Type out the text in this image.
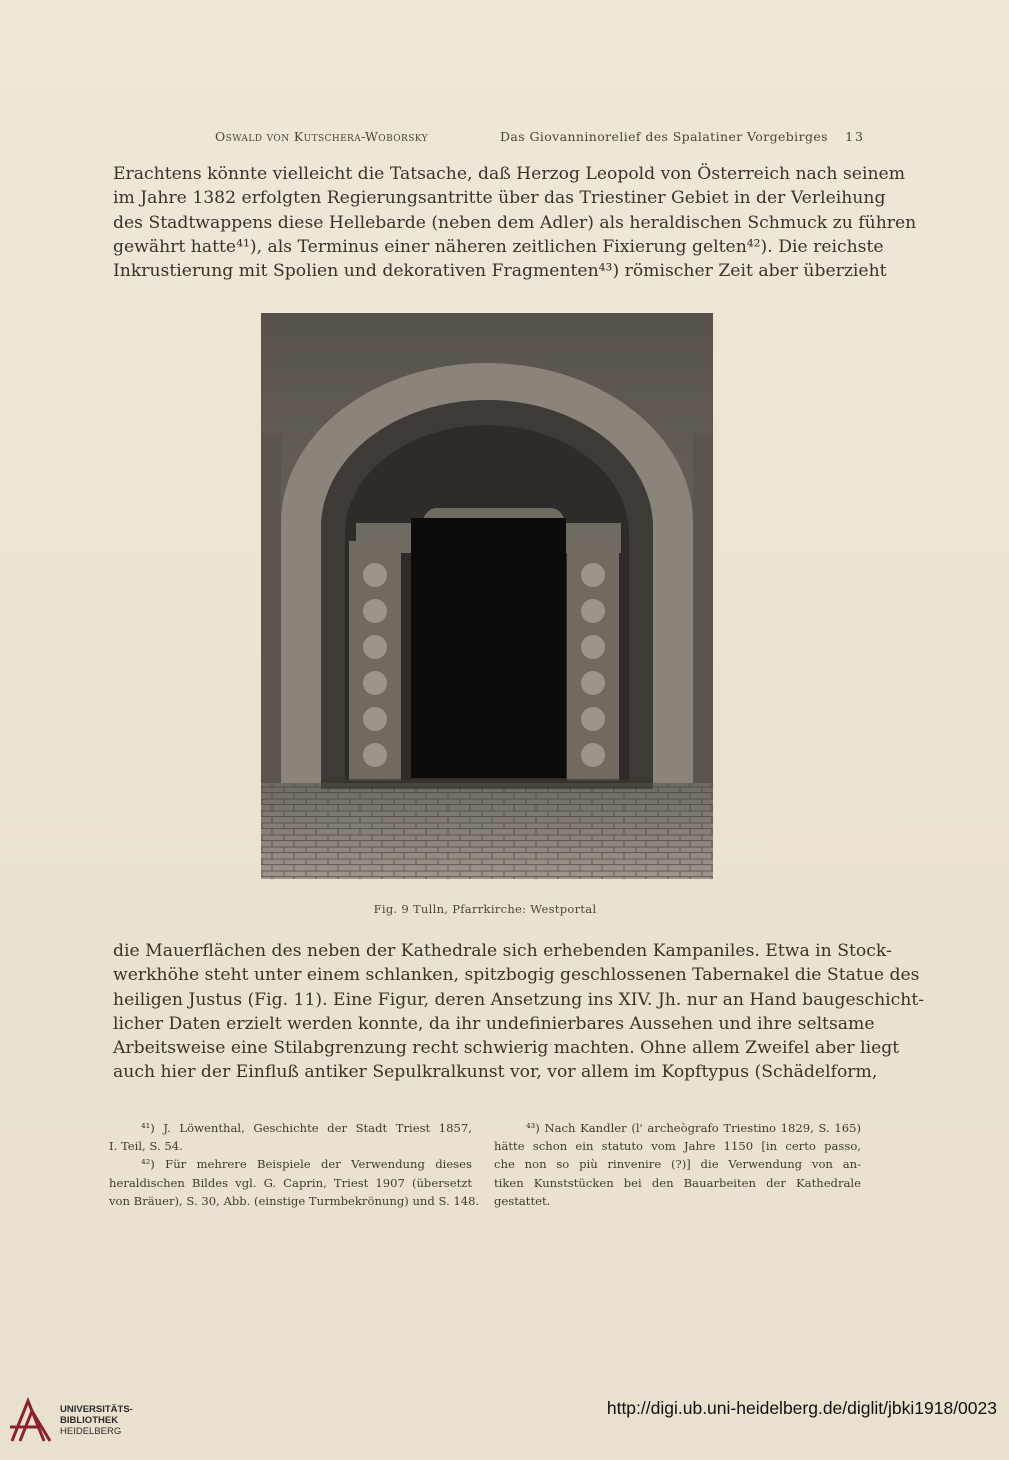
Oswald von Kutschera-Woborsky	Das Giovanninorelief des Spalatiner Vorgebirges 13
Erachtens könnte vielleicht die Tatsache, daß Herzog Leopold von Österreich nach seinem
im Jahre 1382 erfolgten Regierungsantritte über das Triestiner Gebiet in der Verleihung
des Stadtwappens diese Hellebarde (neben dem Adler) als heraldischen Schmuck zu führen
gewährt hatte⁴¹), als Terminus einer näheren zeitlichen Fixierung gelten⁴²). Die reichste
Inkrustierung mit Spolien und dekorativen Fragmenten⁴³) römischer Zeit aber überzieht
Fig. 9 Tulln, Pfarrkirche: Westportal
die Mauerflächen des neben der Kathedrale sich erhebenden Kampaniles. Etwa in Stock-
werkhöhe steht unter einem schlanken, spitzbogig geschlossenen Tabernakel die Statue des
heiligen Justus (Fig. 11). Eine Figur, deren Ansetzung ins XIV. Jh. nur an Hand baugeschicht-
licher Daten erzielt werden konnte, da ihr undefinierbares Aussehen und ihre seltsame
Arbeitsweise eine Stilabgrenzung recht schwierig machten. Ohne allem Zweifel aber liegt
auch hier der Einfluß antiker Sepulkralkunst vor, vor allem im Kopftypus (Schädelform,
⁴¹) J. Löwenthal, Geschichte der Stadt Triest 1857,
I. Teil, S. 54.
⁴²) Für mehrere Beispiele der Verwendung dieses
heraldischen Bildes vgl. G. Caprin, Triest 1907 (übersetzt
von Bräuer), S. 30, Abb. (einstige Turmbekrönung) und S. 148.
⁴³) Nach Kandler (l' archeògrafo Triestino 1829, S. 165)
hätte schon ein statuto vom Jahre 1150 [in certo passo,
che non so più rinvenire (?)] die Verwendung von an-
tiken Kunststücken bei den Bauarbeiten der Kathedrale
gestattet.
UNIVERSITÄTS-
BIBLIOTHEK
HEIDELBERG
http://digi.ub.uni-heidelberg.de/diglit/jbki1918/0023
